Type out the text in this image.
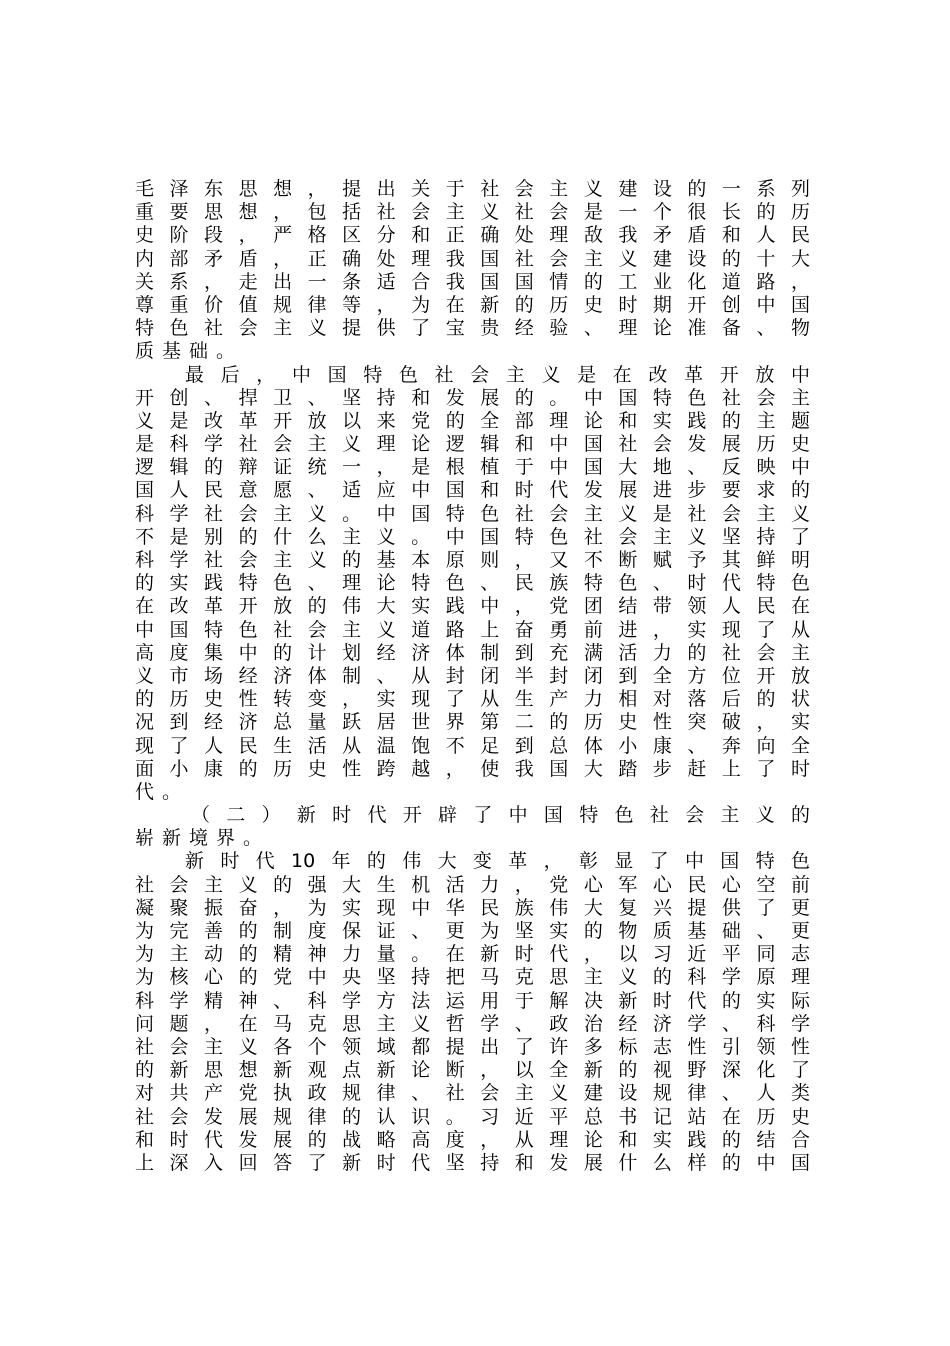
毛泽东思想，提出关于社会主义建设的一系列
重要思想，包括社会主义社会是一个很长的历
史阶段，严格区分和正确处理敌我矛盾和人民
内部矛盾，正确处理我国社会主义建设的十大
关系，走出一条适合我国国情的工业化道路，
尊重价值规律等，为在新的历史时期开创中国
特色社会主义提供了宝贵经验、理论准备、物
质基础。
最后，中国特色社会主义是在改革开放中
开创、捍卫、坚持和发展的。中国特色社会主
义是改革开放以来党的全部理论和实践的主题
是科学社会主义理论逻辑和中国社会发展历史
逻辑的辩证统一，是根植于中国大地、反映中
国人民意愿、适应中国和时代发展进步要求的
科学社会主义。中国特色社会主义是社会主义
不是别的什么主义。中国特色社会主义坚持了
科学社会主义的基本原则，又不断赋予其鲜明
的实践特色、理论特色、民族特色、时代特色
在改革开放的伟大实践中，党团结带领人民在
中国特色社会主义道路上奋勇前进，实现了从
高度集中的计划经济体制到充满活力的社会主
义市场经济体制、从封闭半封闭到全方位开放
的历史性转变，实现了从生产力相对落后的状
况到经济总量跃居世界第二的历史性突破，实
现了人民生活从温饱不足到总体小康、奔向全
面小康的历史性跨越，使我国大踏步赶上了时
代。
（二）新时代开辟了中国特色社会主义的
崭新境界。
新时代10年的伟大变革，彰显了中国特色
社会主义的强大生机活力，党心军心民心空前
凝聚振奋，为实现中华民族伟大复兴提供了更
为完善的制度保证、更为坚实的物质基础、更
为主动的精神力量。在新时代，以习近平同志
为核心的党中央坚持把马克思主义的科学原理
科学精神、科学方法运用于解决新时代的实际
问题，在马克思主义哲学、政治经济学、科学
社会主义各个领域都提出了许多标志性引领性
的新思想新观点新论断，以全新的视野深化了
对共产党执政规律、社会主义建设规律、人类
社会发展规律的认识。习近平总书记站在历史
和时代发展的战略高度，从理论和实践的结合
上深入回答了新时代坚持和发展什么样的中国
